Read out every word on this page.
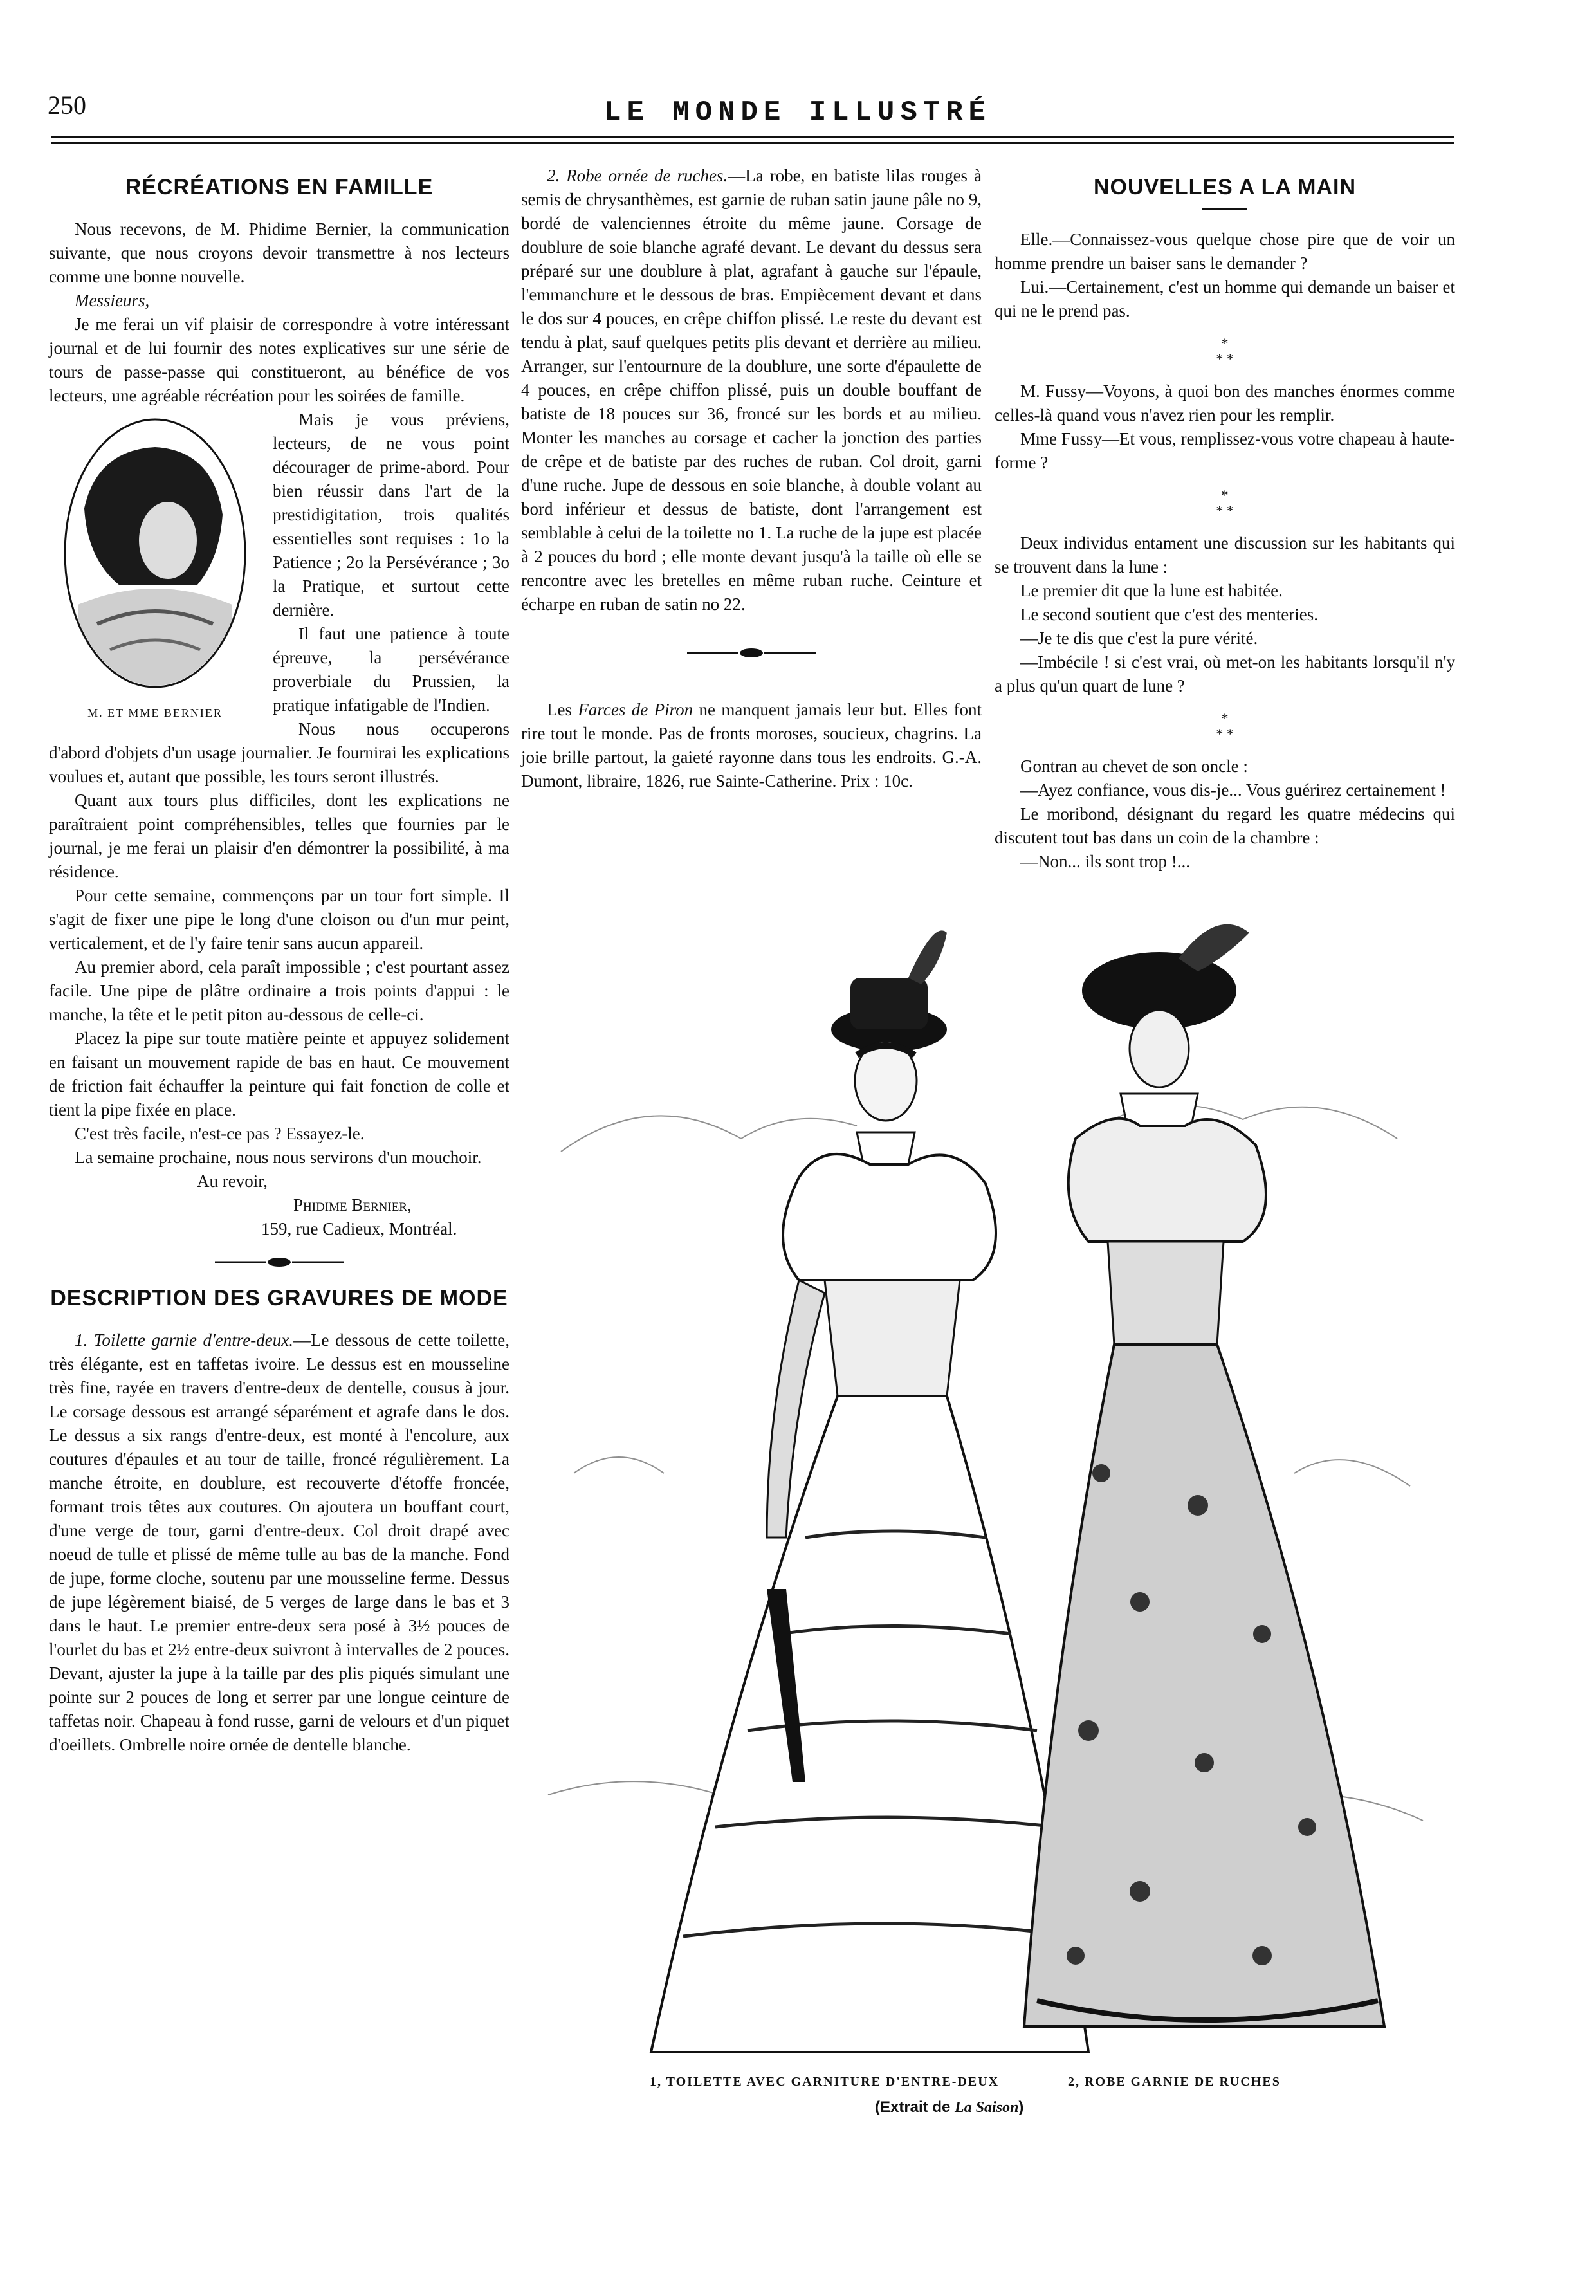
250	LE MONDE ILLUSTRÉ
RÉCRÉATIONS EN FAMILLE

Nous recevons, de M. Phidime Bernier, la communication suivante, que nous croyons devoir transmettre à nos lecteurs comme une bonne nouvelle.

Messieurs,

Je me ferai un vif plaisir de correspondre à votre intéressant journal et de lui fournir des notes explicatives sur une série de tours de passe-passe qui constitueront, au bénéfice de vos lecteurs, une agréable récréation pour les soirées de famille.

M. ET MME BERNIER

Mais je vous préviens, lecteurs, de ne vous point décourager de prime-abord. Pour bien réussir dans l'art de la prestidigitation, trois qualités essentielles sont requises : 1o la Patience ; 2o la Persévérance ; 3o la Pratique, et surtout cette dernière.

Il faut une patience à toute épreuve, la persévérance proverbiale du Prussien, la pratique infatigable de l'Indien.

Nous nous occuperons d'abord d'objets d'un usage journalier. Je fournirai les explications voulues et, autant que possible, les tours seront illustrés.

Quant aux tours plus difficiles, dont les explications ne paraîtraient point compréhensibles, telles que fournies par le journal, je me ferai un plaisir d'en démontrer la possibilité, à ma résidence.

Pour cette semaine, commençons par un tour fort simple. Il s'agit de fixer une pipe le long d'une cloison ou d'un mur peint, verticalement, et de l'y faire tenir sans aucun appareil.

Au premier abord, cela paraît impossible ; c'est pourtant assez facile. Une pipe de plâtre ordinaire a trois points d'appui : le manche, la tête et le petit piton au-dessous de celle-ci.

Placez la pipe sur toute matière peinte et appuyez solidement en faisant un mouvement rapide de bas en haut. Ce mouvement de friction fait échauffer la peinture qui fait fonction de colle et tient la pipe fixée en place.

C'est très facile, n'est-ce pas ? Essayez-le.

La semaine prochaine, nous nous servirons d'un mouchoir.

Au revoir,

Phidime Bernier,

159, rue Cadieux, Montréal.

DESCRIPTION DES GRAVURES DE MODE

1. Toilette garnie d'entre-deux.—Le dessous de cette toilette, très élégante, est en taffetas ivoire. Le dessus est en mousseline très fine, rayée en travers d'entre-deux de dentelle, cousus à jour. Le corsage dessous est arrangé séparément et agrafe dans le dos. Le dessus a six rangs d'entre-deux, est monté à l'encolure, aux coutures d'épaules et au tour de taille, froncé régulièrement. La manche étroite, en doublure, est recouverte d'étoffe froncée, formant trois têtes aux coutures. On ajoutera un bouffant court, d'une verge de tour, garni d'entre-deux. Col droit drapé avec noeud de tulle et plissé de même tulle au bas de la manche. Fond de jupe, forme cloche, soutenu par une mousseline ferme. Dessus de jupe légèrement biaisé, de 5 verges de large dans le bas et 3 dans le haut. Le premier entre-deux sera posé à 3½ pouces de l'ourlet du bas et 2½ entre-deux suivront à intervalles de 2 pouces. Devant, ajuster la jupe à la taille par des plis piqués simulant une pointe sur 2 pouces de long et serrer par une longue ceinture de taffetas noir. Chapeau à fond russe, garni de velours et d'un piquet d'oeillets. Ombrelle noire ornée de dentelle blanche.

2. Robe ornée de ruches.—La robe, en batiste lilas rouges à semis de chrysanthèmes, est garnie de ruban satin jaune pâle no 9, bordé de valenciennes étroite du même jaune. Corsage de doublure de soie blanche agrafé devant. Le devant du dessus sera préparé sur une doublure à plat, agrafant à gauche sur l'épaule, l'emmanchure et le dessous de bras. Empiècement devant et dans le dos sur 4 pouces, en crêpe chiffon plissé. Le reste du devant est tendu à plat, sauf quelques petits plis devant et derrière au milieu. Arranger, sur l'entournure de la doublure, une sorte d'épaulette de 4 pouces, en crêpe chiffon plissé, puis un double bouffant de batiste de 18 pouces sur 36, froncé sur les bords et au milieu. Monter les manches au corsage et cacher la jonction des parties de crêpe et de batiste par des ruches de ruban. Col droit, garni d'une ruche. Jupe de dessous en soie blanche, à double volant au bord inférieur et dessus de batiste, dont l'arrangement est semblable à celui de la toilette no 1. La ruche de la jupe est placée à 2 pouces du bord ; elle monte devant jusqu'à la taille où elle se rencontre avec les bretelles en même ruban ruche. Ceinture et écharpe en ruban de satin no 22.

Les Farces de Piron ne manquent jamais leur but. Elles font rire tout le monde. Pas de fronts moroses, soucieux, chagrins. La joie brille partout, la gaieté rayonne dans tous les endroits. G.-A. Dumont, libraire, 1826, rue Sainte-Catherine. Prix : 10c.

NOUVELLES A LA MAIN

Elle.—Connaissez-vous quelque chose pire que de voir un homme prendre un baiser sans le demander ?

Lui.—Certainement, c'est un homme qui demande un baiser et qui ne le prend pas.

*
* *

M. Fussy—Voyons, à quoi bon des manches énormes comme celles-là quand vous n'avez rien pour les remplir.

Mme Fussy—Et vous, remplissez-vous votre chapeau à haute-forme ?

*
* *

Deux individus entament une discussion sur les habitants qui se trouvent dans la lune :

Le premier dit que la lune est habitée.

Le second soutient que c'est des menteries.

—Je te dis que c'est la pure vérité.

—Imbécile ! si c'est vrai, où met-on les habitants lorsqu'il n'y a plus qu'un quart de lune ?

*
* *

Gontran au chevet de son oncle :

—Ayez confiance, vous dis-je... Vous guérirez certainement !

Le moribond, désignant du regard les quatre médecins qui discutent tout bas dans un coin de la chambre :

—Non... ils sont trop !...

1, TOILETTE AVEC GARNITURE D'ENTRE-DEUX	2, ROBE GARNIE DE RUCHES
(Extrait de La Saison)
